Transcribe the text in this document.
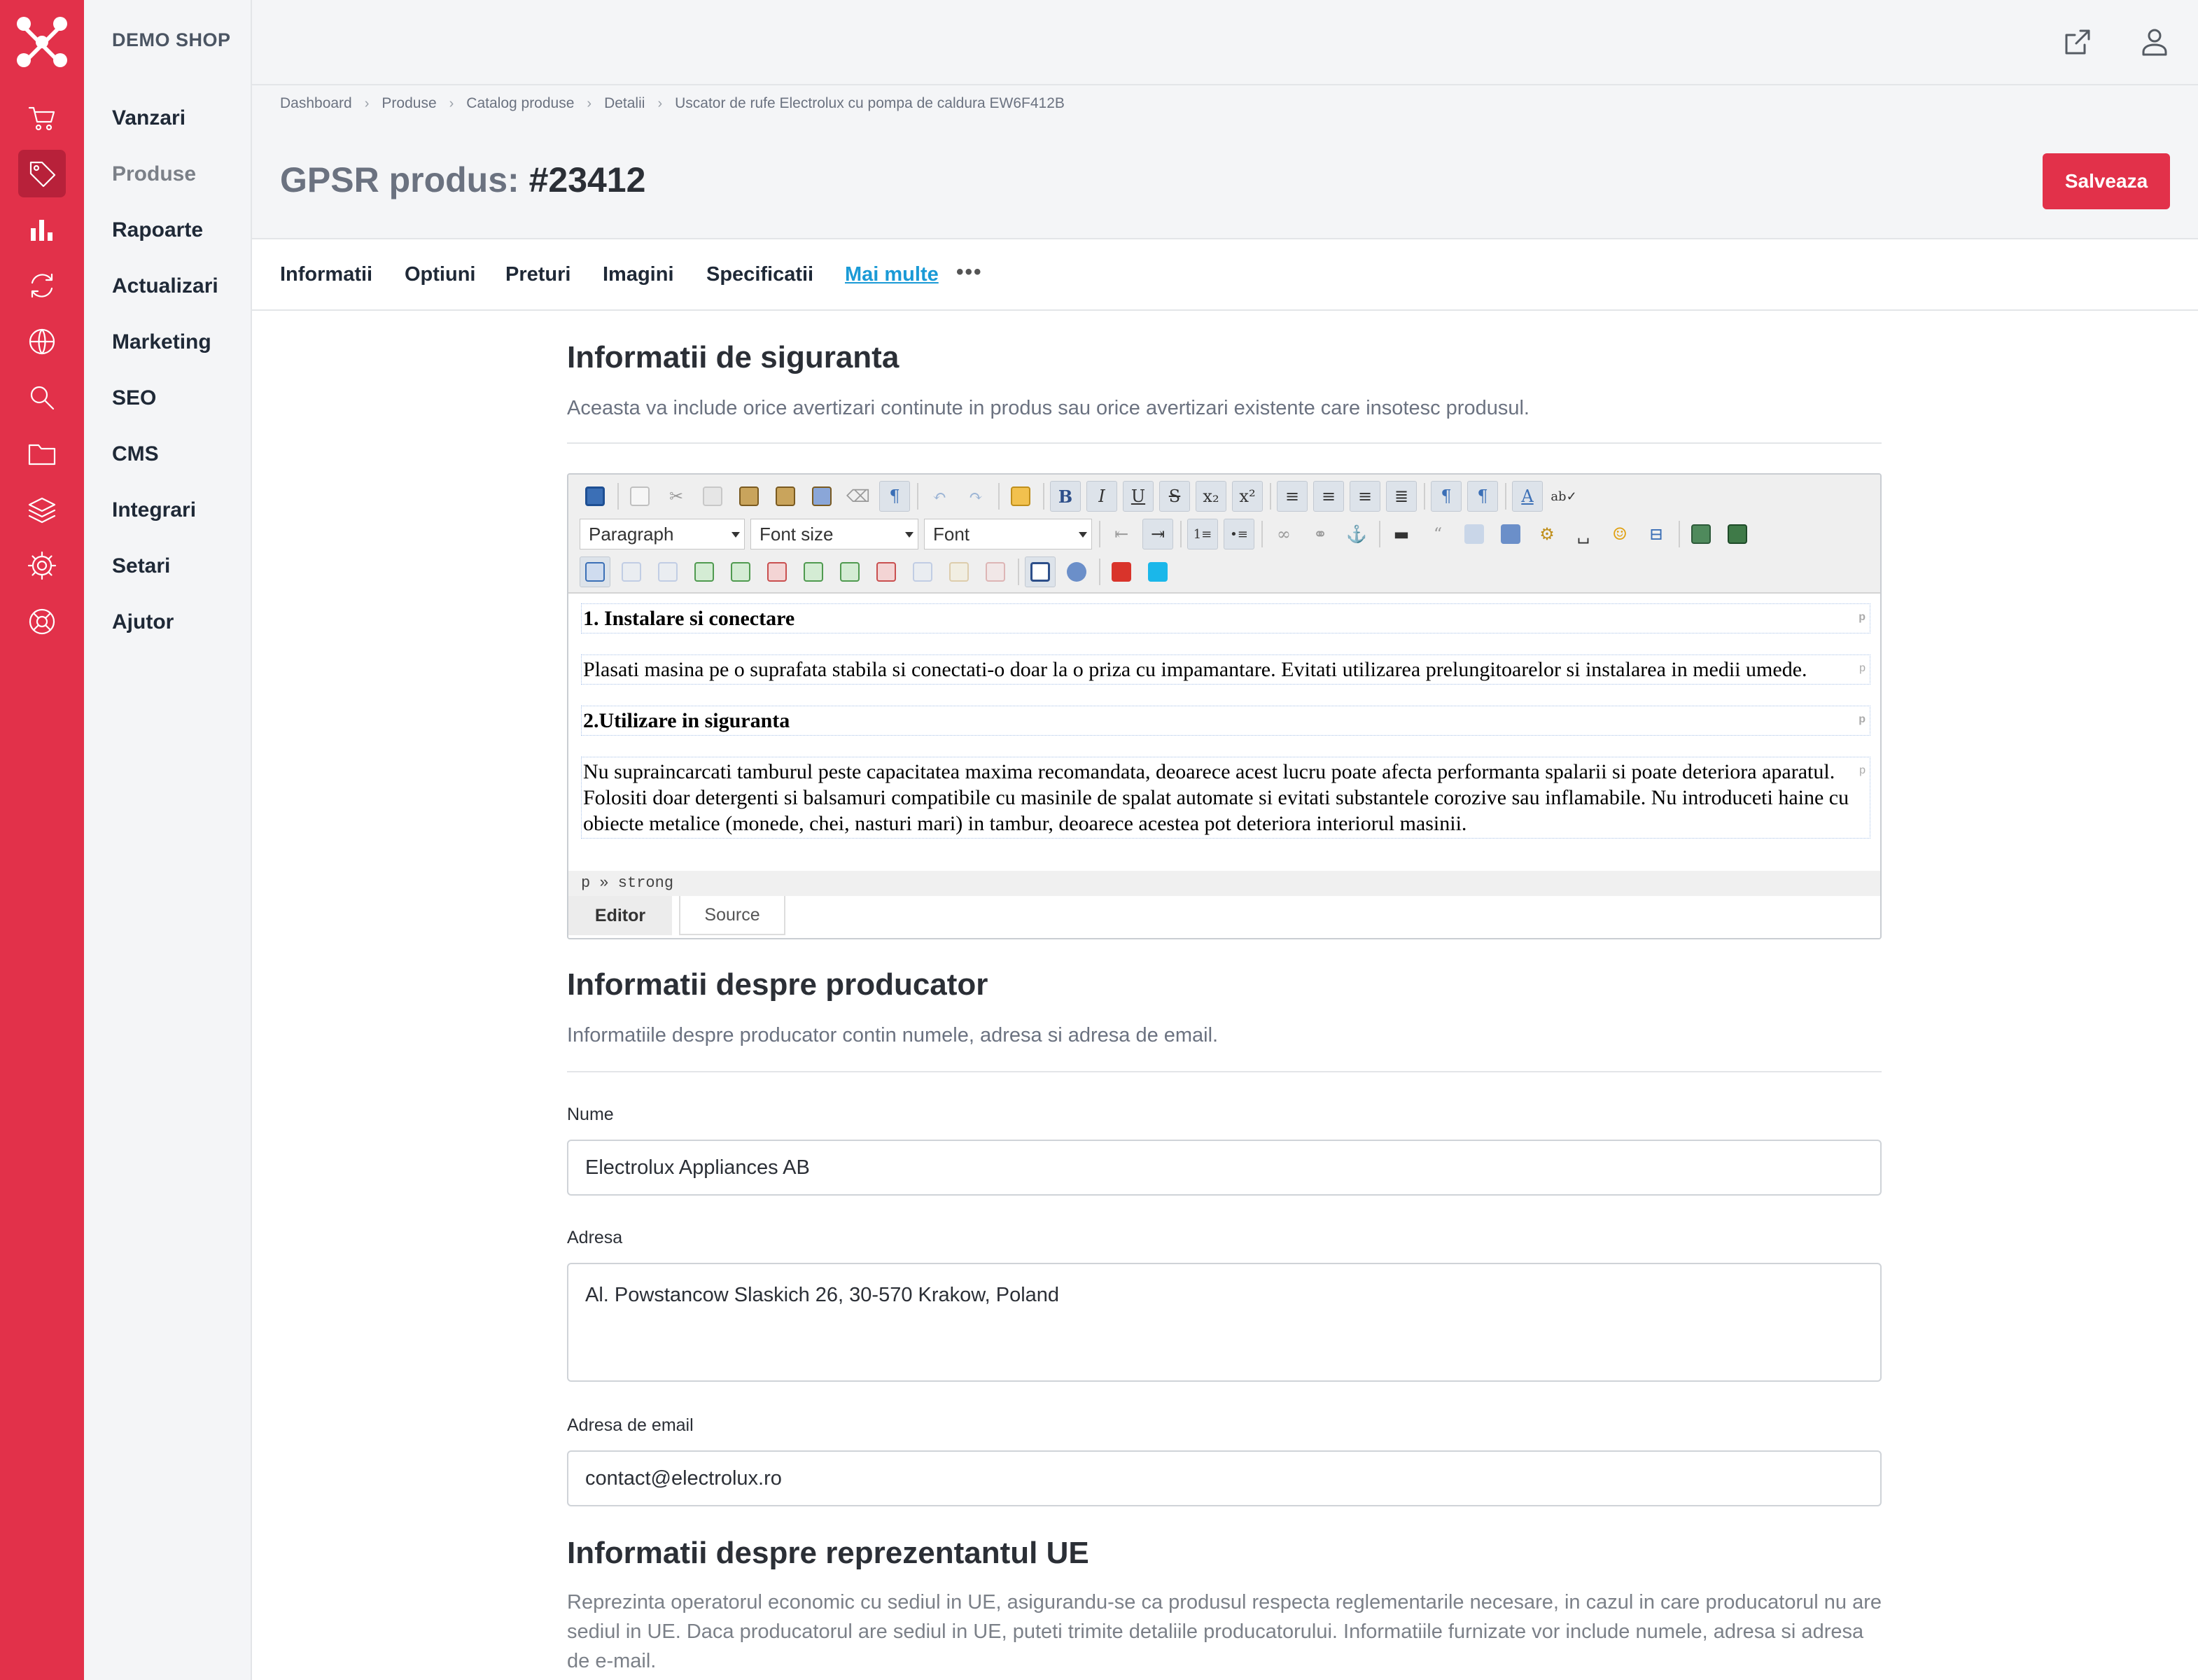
DEMO SHOP
Vanzari
Produse
Rapoarte
Actualizari
Marketing
SEO
CMS
Integrari
Setari
Ajutor
Dashboard › Produse › Catalog produse › Detalii › Uscator de rufe Electrolux cu pompa de caldura EW6F412B
GPSR produs: #23412	Salveaza
Informatii Optiuni Preturi Imagini Specificatii Mai multe •••
Informatii de siguranta
Aceasta va include orice avertizari continute in produs sau orice avertizari existente care insotesc produsul.
✂	⌫	¶	↶	↷	B	I	U	S	x₂	x²	≡	≡	≡	≣	¶	¶	A	ab✓
Paragraph	Font size	Font	⇤	⇥	1≡	•≡	∞	⚭	⚓	▬	“	⚙	␣	☺	⊟
1. Instalare si conectare	p
Plasati masina pe o suprafata stabila si conectati-o doar la o priza cu impamantare. Evitati utilizarea prelungitoarelor si instalarea in medii umede.	p
2.Utilizare in siguranta	p
Nu supraincarcati tamburul peste capacitatea maxima recomandata, deoarece acest lucru poate afecta performanta spalarii si poate deteriora aparatul. Folositi doar detergenti si balsamuri compatibile cu masinile de spalat automate si evitati substantele corozive sau inflamabile. Nu introduceti haine cu obiecte metalice (monede, chei, nasturi mari) in tambur, deoarece acestea pot deteriora interiorul masinii.
p
p » strong
Editor	Source
Informatii despre producator
Informatiile despre producator contin numele, adresa si adresa de email.
Nume
Electrolux Appliances AB
Adresa
Al. Powstancow Slaskich 26, 30-570 Krakow, Poland
Adresa de email
contact@electrolux.ro
Informatii despre reprezentantul UE
Reprezinta operatorul economic cu sediul in UE, asigurandu-se ca produsul respecta reglementarile necesare, in cazul in care producatorul nu are sediul in UE. Daca producatorul are sediul in UE, puteti trimite detaliile producatorului. Informatiile furnizate vor include numele, adresa si adresa de e-mail.
